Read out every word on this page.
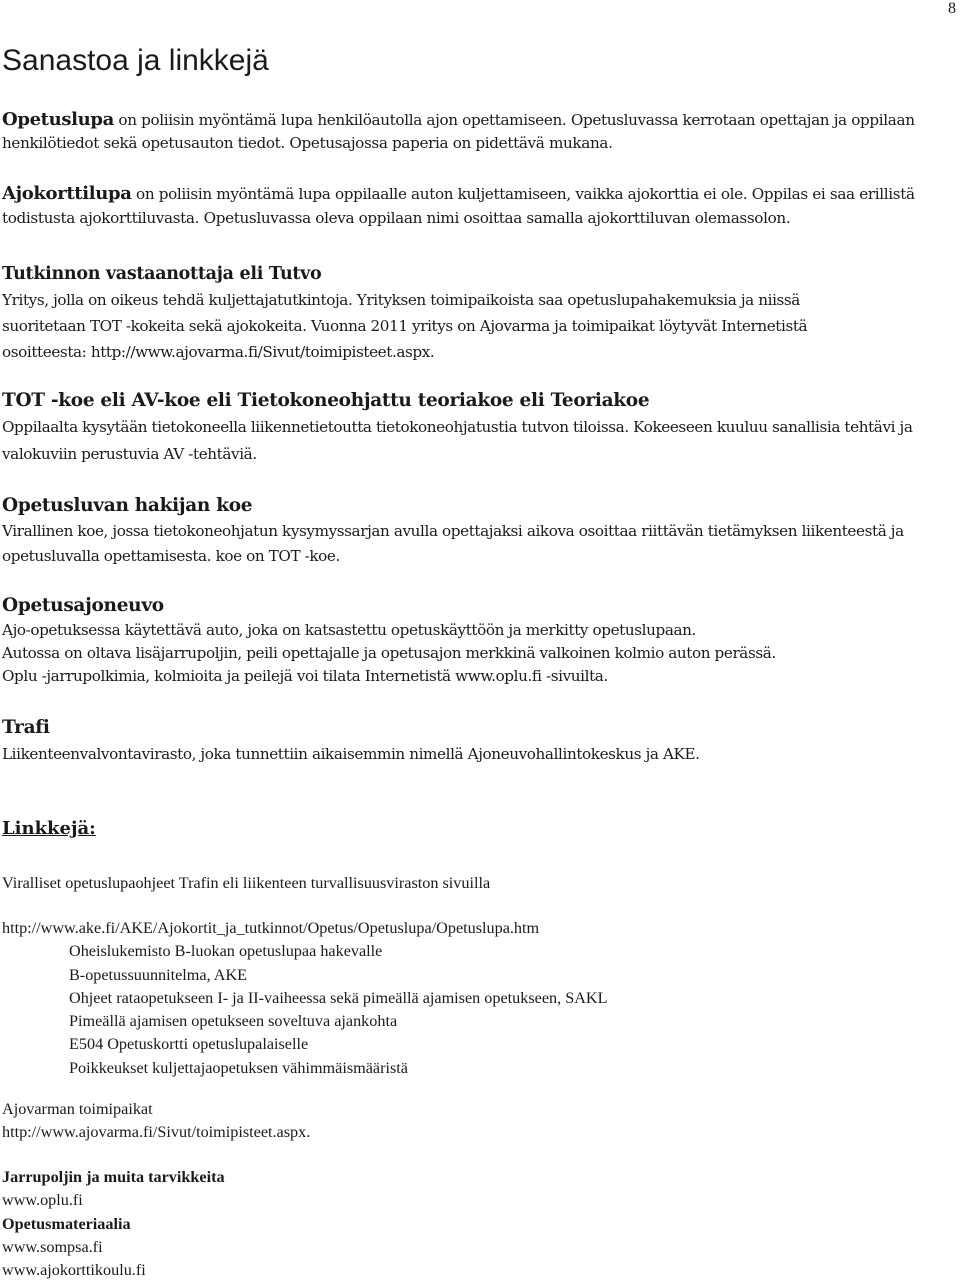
8
Sanastoa ja linkkejä

Opetuslupa on poliisin myöntämä lupa henkilöautolla ajon opettamiseen. Opetusluvassa kerrotaan opettajan ja oppilaan henkilötiedot sekä opetusauton tiedot. Opetusajossa paperia on pidettävä mukana.

Ajokorttilupa on poliisin myöntämä lupa oppilaalle auton kuljettamiseen, vaikka ajokorttia ei ole. Oppilas ei saa erillistä todistusta ajokorttiluvasta. Opetusluvassa oleva oppilaan nimi osoittaa samalla ajokorttiluvan olemassolon.

Tutkinnon vastaanottaja eli Tutvo

Yritys, jolla on oikeus tehdä kuljettajatutkintoja. Yrityksen toimipaikoista saa opetuslupahakemuksia ja niissä

suoritetaan TOT -kokeita sekä ajokokeita. Vuonna 2011 yritys on Ajovarma ja toimipaikat löytyvät Internetistä

osoitteesta: http://www.ajovarma.fi/Sivut/toimipisteet.aspx.

TOT -koe eli AV-koe eli Tietokoneohjattu teoriakoe eli Teoriakoe

Oppilaalta kysytään tietokoneella liikennetietoutta tietokoneohjatustia tutvon tiloissa. Kokeeseen kuuluu sanallisia tehtävi ja

valokuviin perustuvia AV -tehtäviä.

Opetusluvan hakijan koe

Virallinen koe, jossa tietokoneohjatun kysymyssarjan avulla opettajaksi aikova osoittaa riittävän tietämyksen liikenteestä ja

opetusluvalla opettamisesta. koe on TOT -koe.

Opetusajoneuvo

Ajo-opetuksessa käytettävä auto, joka on katsastettu opetuskäyttöön ja merkitty opetuslupaan.

Autossa on oltava lisäjarrupoljin, peili opettajalle ja opetusajon merkkinä valkoinen kolmio auton perässä.

Oplu -jarrupolkimia, kolmioita ja peilejä voi tilata Internetistä www.oplu.fi -sivuilta.

Trafi

Liikenteenvalvontavirasto, joka tunnettiin aikaisemmin nimellä Ajoneuvohallintokeskus ja AKE.

Linkkejä:

Viralliset opetuslupaohjeet Trafin eli liikenteen turvallisuusviraston sivuilla

http://www.ake.fi/AKE/Ajokortit_ja_tutkinnot/Opetus/Opetuslupa/Opetuslupa.htm

Oheislukemisto B-luokan opetuslupaa hakevalle

B-opetussuunnitelma, AKE

Ohjeet rataopetukseen I- ja II-vaiheessa sekä pimeällä ajamisen opetukseen, SAKL

Pimeällä ajamisen opetukseen soveltuva ajankohta

E504 Opetuskortti opetuslupalaiselle

Poikkeukset kuljettajaopetuksen vähimmäismääristä

Ajovarman toimipaikat

http://www.ajovarma.fi/Sivut/toimipisteet.aspx.

Jarrupoljin ja muita tarvikkeita

www.oplu.fi

Opetusmateriaalia

www.sompsa.fi

www.ajokorttikoulu.fi
